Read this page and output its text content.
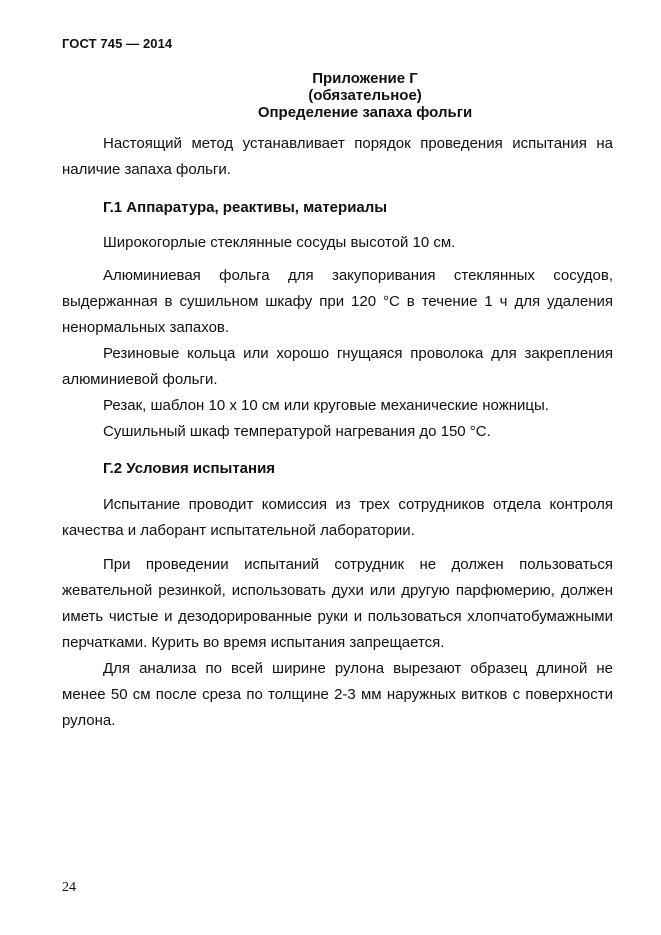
ГОСТ 745 — 2014
Приложение Г
(обязательное)
Определение запаха фольги

Настоящий метод устанавливает порядок проведения испытания на наличие запаха фольги.

Г.1 Аппаратура, реактивы, материалы

Широкогорлые стеклянные сосуды высотой 10 см.

Алюминиевая фольга для закупоривания стеклянных сосудов, выдержанная в сушильном шкафу при 120 °С в течение 1 ч для удаления ненормальных запахов.

Резиновые кольца или хорошо гнущаяся проволока для закрепления алюминиевой фольги.

Резак, шаблон 10 х 10 см или круговые механические ножницы.

Сушильный шкаф температурой нагревания до 150 °С.

Г.2 Условия испытания

Испытание проводит комиссия из трех сотрудников отдела контроля качества и лаборант испытательной лаборатории.

При проведении испытаний сотрудник не должен пользоваться жевательной резинкой, использовать духи или другую парфюмерию, должен иметь чистые и дезодорированные руки и пользоваться хлопчатобумажными перчатками. Курить во время испытания запрещается.

Для анализа по всей ширине рулона вырезают образец длиной не менее 50 см после среза по толщине 2-3 мм наружных витков с поверхности рулона.

24
